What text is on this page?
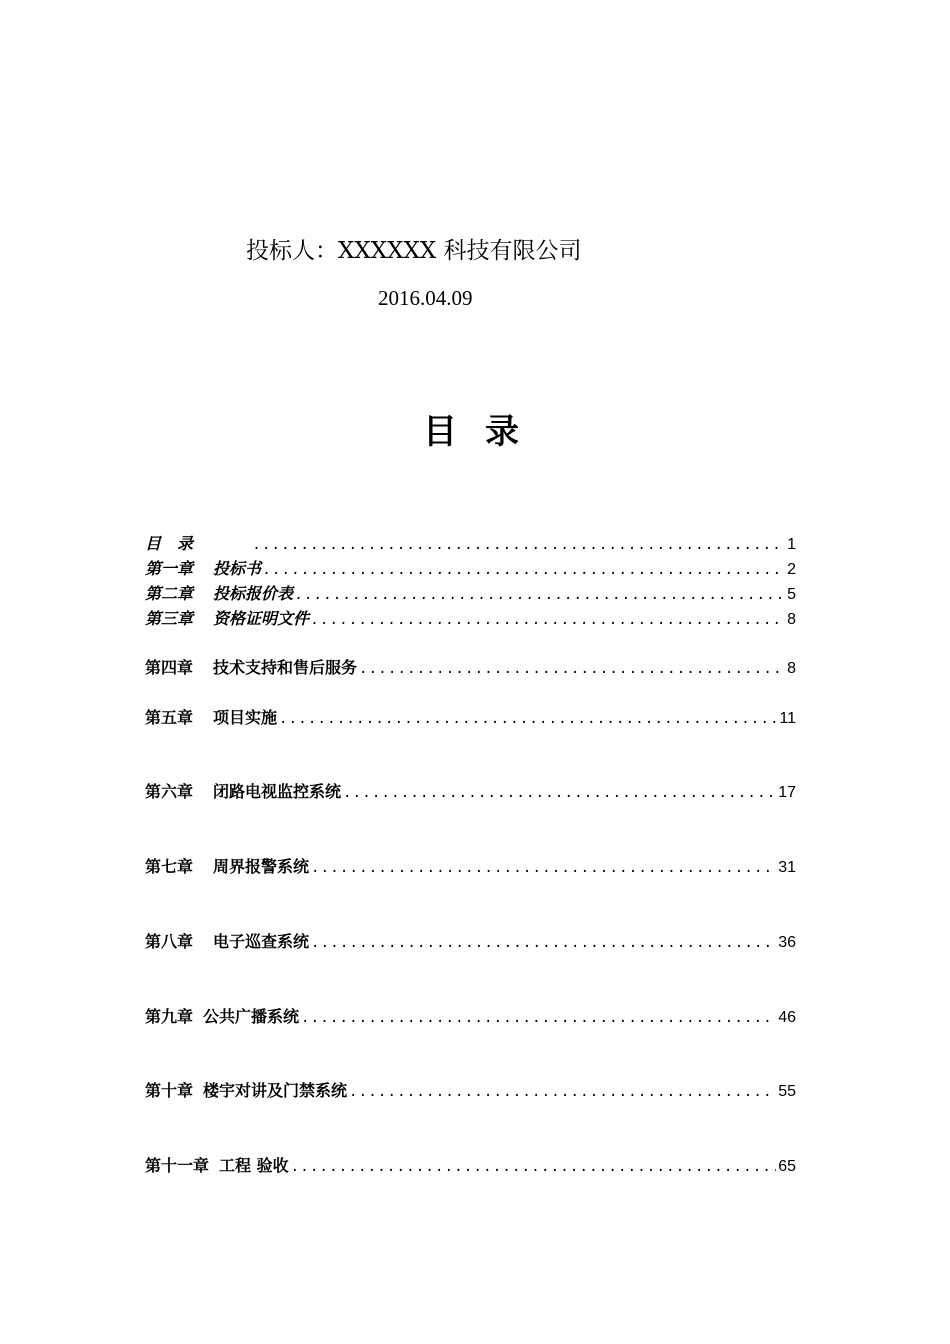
投标人：XXXXXX 科技有限公司
2016.04.09
目录
目　录 .....	1
第一章 投标书 .....	2
第二章 投标报价表 .....	5
第三章 资格证明文件 .....	8
第四章 技术支持和售后服务 .....	8
第五章 项目实施 .....	11
第六章 闭路电视监控系统 .....	17
第七章 周界报警系统 .....	31
第八章 电子巡查系统 .....	36
第九章 公共广播系统 .....	46
第十章 楼宇对讲及门禁系统 .....	55
第十一章 工程 验收 .....	65
